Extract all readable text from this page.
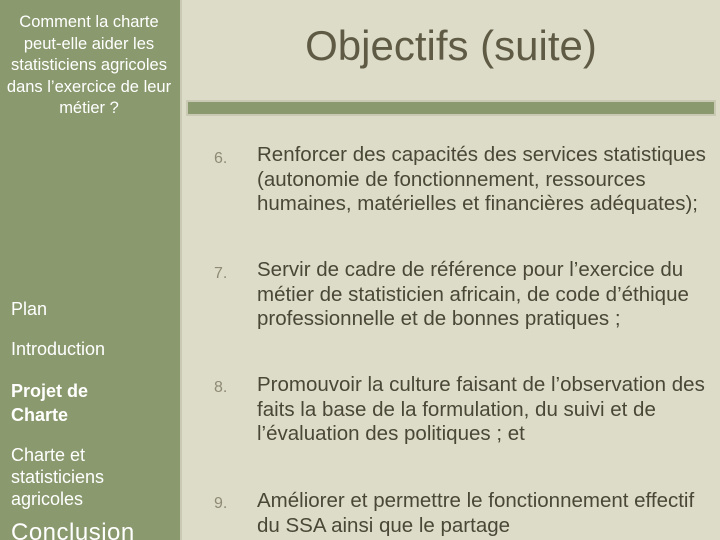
Comment la charte peut-elle aider les statisticiens agricoles dans l’exercice de leur métier ?
Plan
Introduction
Projet de Charte
Charte et statisticiens agricoles
Conclusion
Objectifs (suite)
6. Renforcer des capacités des services statistiques (autonomie de fonctionnement, ressources humaines, matérielles et financières adéquates);
7. Servir de cadre de référence pour l’exercice du métier de statisticien africain, de code d’éthique professionnelle et de bonnes pratiques ;
8. Promouvoir la culture faisant de l’observation des faits la base de la formulation, du suivi et de l’évaluation des politiques ; et
9. Améliorer et permettre le fonctionnement effectif du SSA ainsi que le partage
